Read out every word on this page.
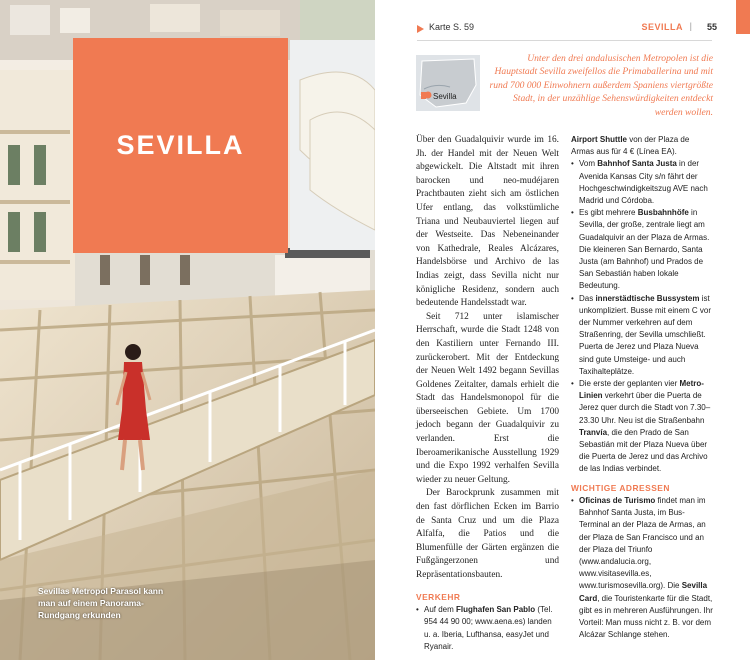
SEVILLA
Sevillas Metropol Parasol kann man auf einem Panorama-Rundgang erkunden
Karte S. 59	SEVILLA | 55
Sevilla
Unter den drei andalusischen Metropolen ist die Hauptstadt Sevilla zweifellos die Primaballerina und mit rund 700 000 Einwohnern außerdem Spaniens viertgrößte Stadt, in der unzählige Sehenswürdigkeiten entdeckt werden wollen.

Über den Guadalquivir wurde im 16. Jh. der Handel mit der Neuen Welt abgewickelt. Die Altstadt mit ihren barocken und neo-mudéjaren Prachtbauten zieht sich am östlichen Ufer entlang, das volkstümliche Triana und Neubauviertel liegen auf der Westseite. Das Nebeneinander von Kathedrale, Reales Alcázares, Handelsbörse und Archivo de las Indias zeigt, dass Sevilla nicht nur königliche Residenz, sondern auch bedeutende Handelsstadt war.

Seit 712 unter islamischer Herrschaft, wurde die Stadt 1248 von den Kastiliern unter Fernando III. zurückerobert. Mit der Entdeckung der Neuen Welt 1492 begann Sevillas Goldenes Zeitalter, damals erhielt die Stadt das Handelsmonopol für die überseeischen Gebiete. Um 1700 jedoch begann der Guadalquivir zu verlanden. Erst die Iberoamerikanische Ausstellung 1929 und die Expo 1992 verhalfen Sevilla wieder zu neuer Geltung.

Der Barockprunk zusammen mit den fast dörflichen Ecken im Barrio de Santa Cruz und um die Plaza Alfalfa, die Patios und die Blumenfülle der Gärten ergänzen die Fußgängerzonen und Repräsentationsbauten.

VERKEHR
• Auf dem Flughafen San Pablo (Tel. 954 44 90 00; www.aena.es) landen u. a. Iberia, Lufthansa, easyJet und Ryanair.
Airport Shuttle von der Plaza de Armas aus für 4 € (Línea EA).
• Vom Bahnhof Santa Justa in der Avenida Kansas City s/n fährt der Hochgeschwindigkeitszug AVE nach Madrid und Córdoba.
• Es gibt mehrere Busbahnhöfe in Sevilla, der große, zentrale liegt am Guadalquivir an der Plaza de Armas. Die kleineren San Bernardo, Santa Justa (am Bahnhof) und Prados de San Sebastián haben lokale Bedeutung.
• Das innerstädtische Bussystem ist unkompliziert. Busse mit einem C vor der Nummer verkehren auf dem Straßenring, der Sevilla umschließt. Puerta de Jerez und Plaza Nueva sind gute Umsteige- und auch Taxihalteplätze.
• Die erste der geplanten vier Metro-Linien verkehrt über die Puerta de Jerez quer durch die Stadt von 7.30–23.30 Uhr. Neu ist die Straßenbahn Tranvía, die den Prado de San Sebastián mit der Plaza Nueva über die Puerta de Jerez und das Archivo de las Indias verbindet.
WICHTIGE ADRESSEN
• Oficinas de Turismo findet man im Bahnhof Santa Justa, im Bus-Terminal an der Plaza de Armas, an der Plaza de San Francisco und an der Plaza del Triunfo (www.andalucia.org, www.visitasevilla.es, www.turismosevilla.org). Die Sevilla Card, die Touristenkarte für die Stadt, gibt es in mehreren Ausführungen. Ihr Vorteil: Man muss nicht z. B. vor dem Alcázar Schlange stehen.
